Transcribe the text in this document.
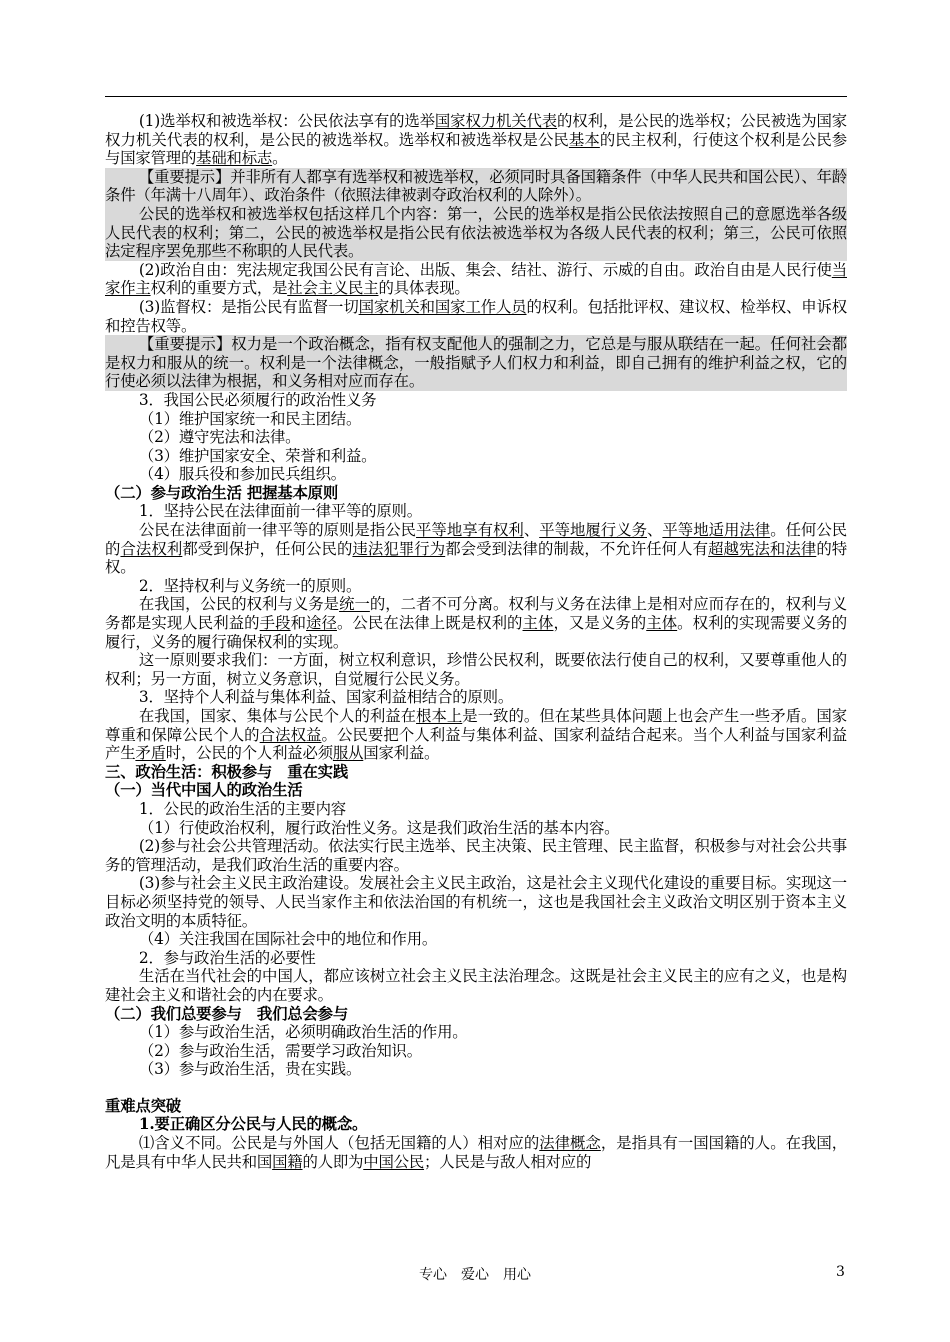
(1)选举权和被选举权：公民依法享有的选举国家权力机关代表的权利，是公民的选举权；公民被选为国家权力机关代表的权利，是公民的被选举权。选举权和被选举权是公民基本的民主权利，行使这个权利是公民参与国家管理的基础和标志。

【重要提示】并非所有人都享有选举权和被选举权，必须同时具备国籍条件（中华人民共和国公民）、年龄条件（年满十八周年）、政治条件（依照法律被剥夺政治权利的人除外）。

公民的选举权和被选举权包括这样几个内容：第一，公民的选举权是指公民依法按照自己的意愿选举各级人民代表的权利；第二，公民的被选举权是指公民有依法被选举权为各级人民代表的权利；第三，公民可依照法定程序罢免那些不称职的人民代表。

(2)政治自由：宪法规定我国公民有言论、出版、集会、结社、游行、示威的自由。政治自由是人民行使当家作主权利的重要方式，是社会主义民主的具体表现。

(3)监督权：是指公民有监督一切国家机关和国家工作人员的权利。包括批评权、建议权、检举权、申诉权和控告权等。

【重要提示】权力是一个政治概念，指有权支配他人的强制之力，它总是与服从联结在一起。任何社会都是权力和服从的统一。权利是一个法律概念，一般指赋予人们权力和利益，即自己拥有的维护利益之权，它的行使必须以法律为根据，和义务相对应而存在。

3．我国公民必须履行的政治性义务

（1）维护国家统一和民主团结。

（2）遵守宪法和法律。

（3）维护国家安全、荣誉和利益。

（4）服兵役和参加民兵组织。

（二）参与政治生活 把握基本原则

1．坚持公民在法律面前一律平等的原则。

公民在法律面前一律平等的原则是指公民平等地享有权利、平等地履行义务、平等地适用法律。任何公民的合法权利都受到保护，任何公民的违法犯罪行为都会受到法律的制裁，不允许任何人有超越宪法和法律的特权。

2．坚持权利与义务统一的原则。

在我国，公民的权利与义务是统一的，二者不可分离。权利与义务在法律上是相对应而存在的，权利与义务都是实现人民利益的手段和途径。公民在法律上既是权利的主体，又是义务的主体。权利的实现需要义务的履行，义务的履行确保权利的实现。

这一原则要求我们：一方面，树立权利意识，珍惜公民权利，既要依法行使自己的权利，又要尊重他人的权利；另一方面，树立义务意识，自觉履行公民义务。

3．坚持个人利益与集体利益、国家利益相结合的原则。

在我国，国家、集体与公民个人的利益在根本上是一致的。但在某些具体问题上也会产生一些矛盾。国家尊重和保障公民个人的合法权益。公民要把个人利益与集体利益、国家利益结合起来。当个人利益与国家利益产生矛盾时，公民的个人利益必须服从国家利益。

三、政治生活：积极参与　重在实践

（一）当代中国人的政治生活

1．公民的政治生活的主要内容

（1）行使政治权利，履行政治性义务。这是我们政治生活的基本内容。

(2)参与社会公共管理活动。依法实行民主选举、民主决策、民主管理、民主监督，积极参与对社会公共事务的管理活动，是我们政治生活的重要内容。

(3)参与社会主义民主政治建设。发展社会主义民主政治，这是社会主义现代化建设的重要目标。实现这一目标必须坚持党的领导、人民当家作主和依法治国的有机统一，这也是我国社会主义政治文明区别于资本主义政治文明的本质特征。

（4）关注我国在国际社会中的地位和作用。

2．参与政治生活的必要性

生活在当代社会的中国人，都应该树立社会主义民主法治理念。这既是社会主义民主的应有之义，也是构建社会主义和谐社会的内在要求。

（二）我们总要参与　我们总会参与

（1）参与政治生活，必须明确政治生活的作用。

（2）参与政治生活，需要学习政治知识。

（3）参与政治生活，贵在实践。

重难点突破

1.要正确区分公民与人民的概念。

⑴含义不同。公民是与外国人（包括无国籍的人）相对应的法律概念，是指具有一国国籍的人。在我国，凡是具有中华人民共和国国籍的人即为中国公民；人民是与敌人相对应的

专心　爱心　用心	3
